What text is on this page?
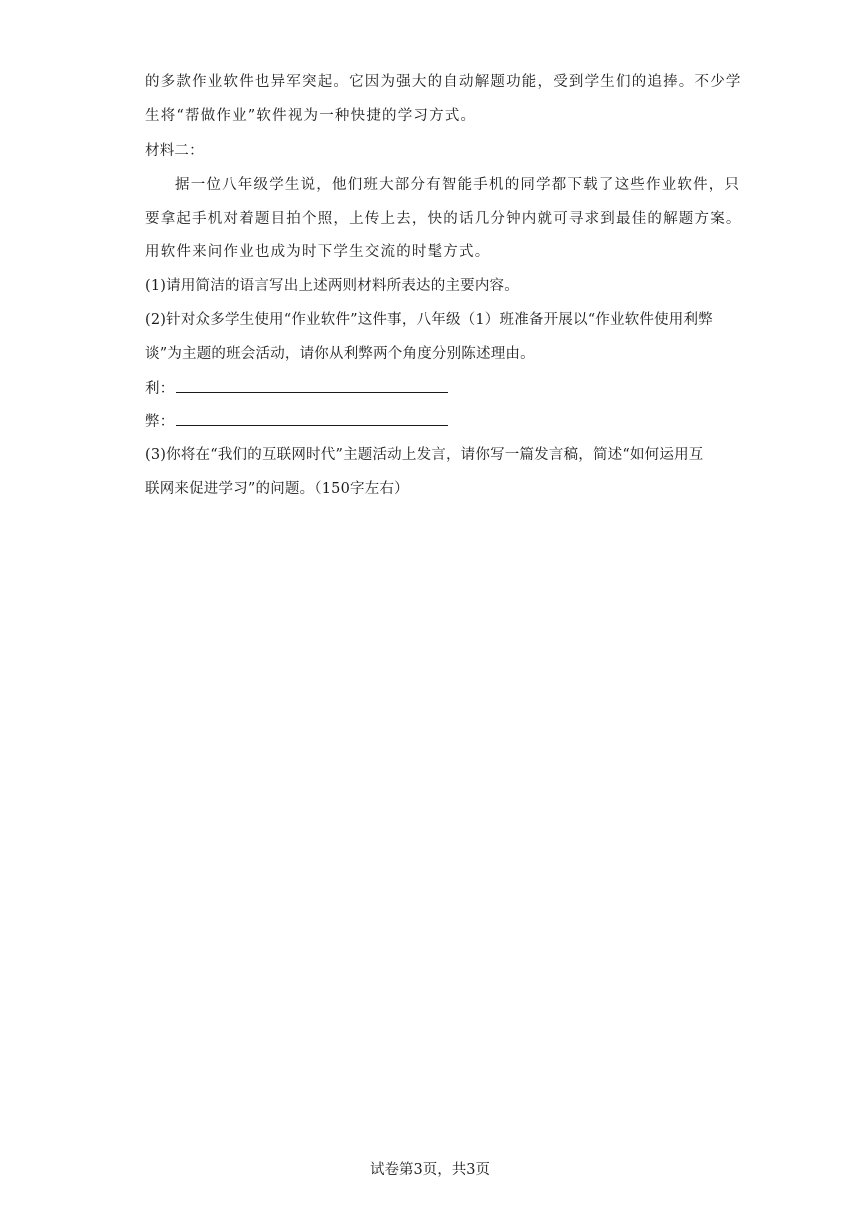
的多款作业软件也异军突起。它因为强大的自动解题功能，受到学生们的追捧。不少学
生将“帮做作业”软件视为一种快捷的学习方式。
材料二：
据一位八年级学生说，他们班大部分有智能手机的同学都下载了这些作业软件，只
要拿起手机对着题目拍个照，上传上去，快的话几分钟内就可寻求到最佳的解题方案。
用软件来问作业也成为时下学生交流的时髦方式。
(1)请用简洁的语言写出上述两则材料所表达的主要内容。
(2)针对众多学生使用“作业软件”这件事，八年级（1）班准备开展以“作业软件使用利弊
谈”为主题的班会活动，请你从利弊两个角度分别陈述理由。
利：
弊：
(3)你将在“我们的互联网时代”主题活动上发言，请你写一篇发言稿，简述“如何运用互
联网来促进学习”的问题。（150字左右）
试卷第3页，共3页
